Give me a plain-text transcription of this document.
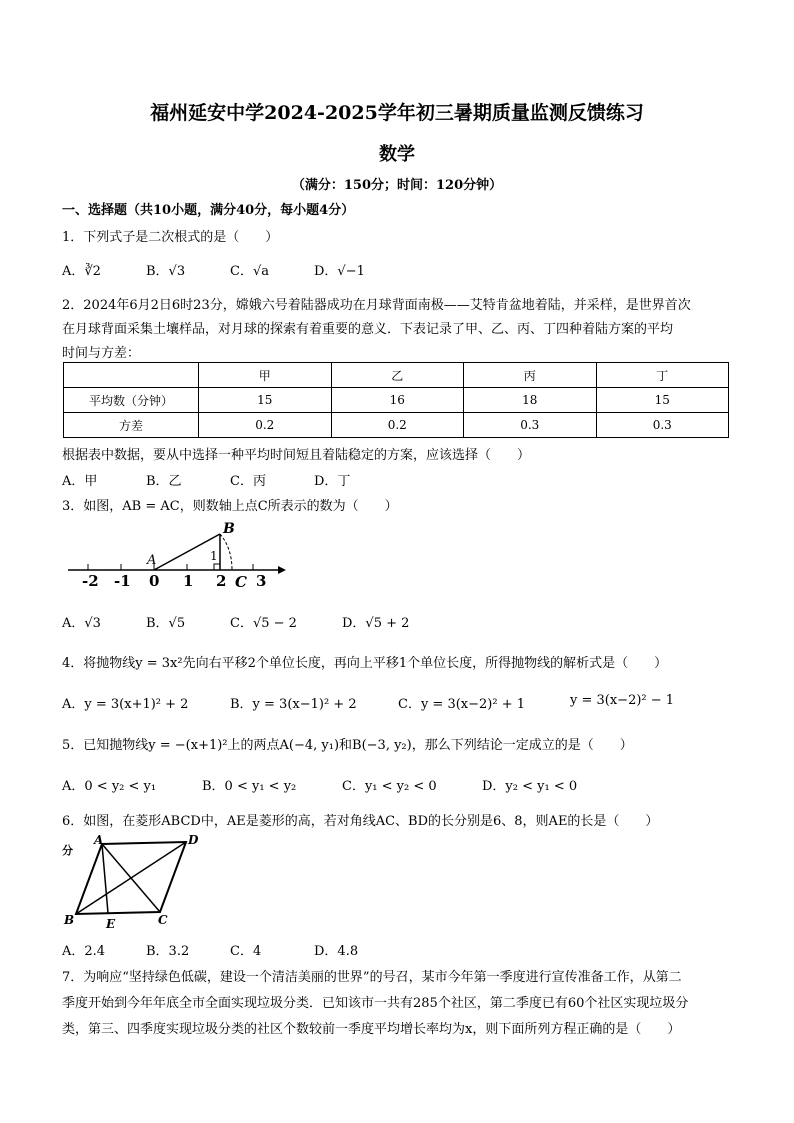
福州延安中学2024-2025学年初三暑期质量监测反馈练习
数学
（满分：150分；时间：120分钟）
一、选择题（共10小题，满分40分，每小题4分）
1．下列式子是二次根式的是（　　）
A．∛2	B．√3	C．√a	D．√−1
2．2024年6月2日6时23分，嫦娥六号着陆器成功在月球背面南极——艾特肯盆地着陆，并采样，是世界首次
在月球背面采集土壤样品，对月球的探索有着重要的意义．下表记录了甲、乙、丙、丁四种着陆方案的平均
时间与方差：
	甲	乙	丙	丁
平均数（分钟）	15	16	18	15
方差	0.2	0.2	0.3	0.3
根据表中数据，要从中选择一种平均时间短且着陆稳定的方案，应该选择（　　）
A．甲	B．乙	C．丙	D．丁
3．如图，AB = AC，则数轴上点C所表示的数为（　　）
-2 -1 0 1 2 3
A
B
1
C
A．√3	B．√5	C．√5 − 2	D．√5 + 2
4．将抛物线y = 3x²先向右平移2个单位长度，再向上平移1个单位长度，所得抛物线的解析式是（　　）
A．y = 3(x+1)² + 2	B．y = 3(x−1)² + 2	C．y = 3(x−2)² + 1	y = 3(x−2)² − 1
5．已知抛物线y = −(x+1)²上的两点A(−4, y₁)和B(−3, y₂)，那么下列结论一定成立的是（　　）
A．0 < y₂ < y₁	B．0 < y₁ < y₂	C．y₁ < y₂ < 0	D．y₂ < y₁ < 0
6．如图，在菱形ABCD中，AE是菱形的高，若对角线AC、BD的长分别是6、8，则AE的长是（　　）
分
A	D
B	C
E
A．2.4	B．3.2	C．4	D．4.8
7．为响应“坚持绿色低碳，建设一个清洁美丽的世界”的号召，某市今年第一季度进行宣传准备工作，从第二
季度开始到今年年底全市全面实现垃圾分类．已知该市一共有285个社区，第二季度已有60个社区实现垃圾分
类，第三、四季度实现垃圾分类的社区个数较前一季度平均增长率均为x，则下面所列方程正确的是（　　）
